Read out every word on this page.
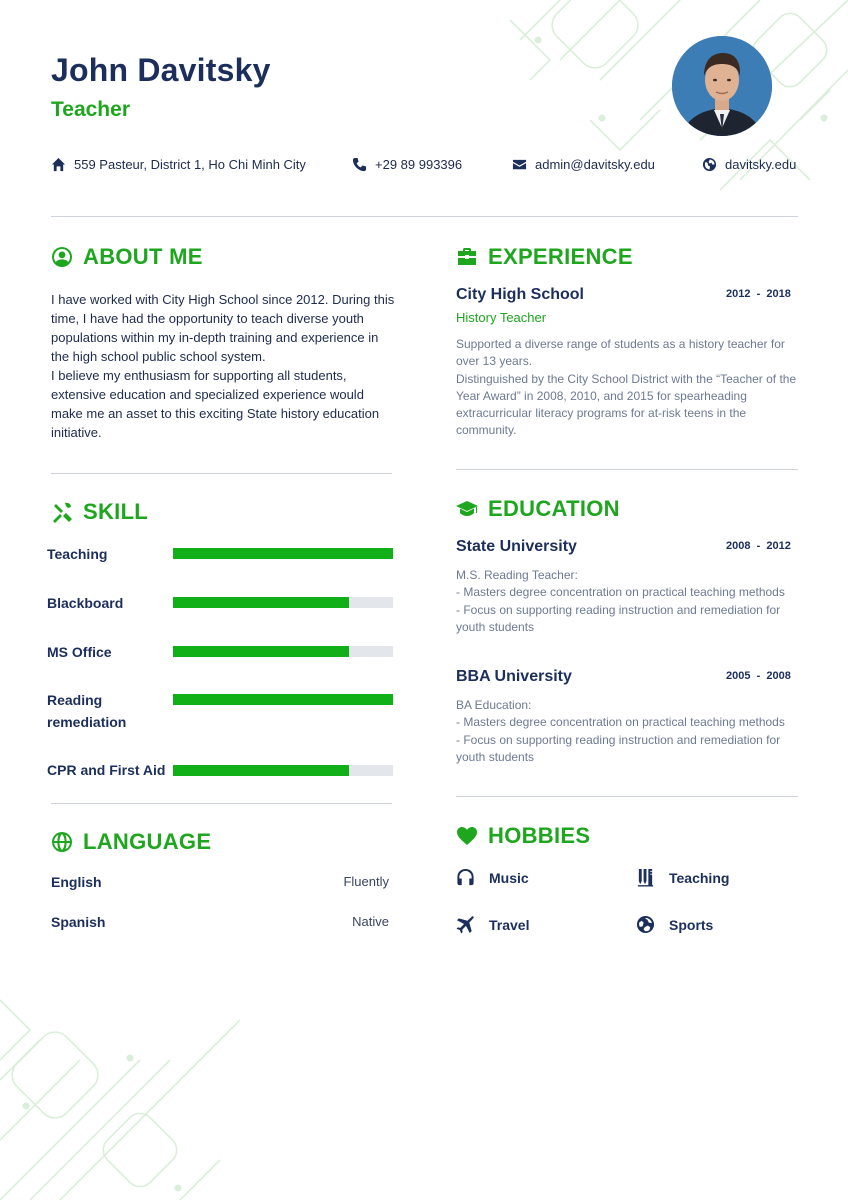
John Davitsky
Teacher
559 Pasteur, District 1, Ho Chi Minh City	+29 89 993396	admin@davitsky.edu	davitsky.edu
ABOUT ME
I have worked with City High School since 2012. During this
time, I have had the opportunity to teach diverse youth
populations within my in-depth training and experience in
the high school public school system.
I believe my enthusiasm for supporting all students,
extensive education and specialized experience would
make me an asset to this exciting State history education
initiative.
SKILL
Teaching
Blackboard
MS Office
Reading
remediation
CPR and First Aid
LANGUAGE
English	Fluently
Spanish	Native
EXPERIENCE
City High School	2012  -  2018
History Teacher
Supported a diverse range of students as a history teacher for
over 13 years.
Distinguished by the City School District with the “Teacher of the
Year Award” in 2008, 2010, and 2015 for spearheading
extracurricular literacy programs for at-risk teens in the
community.
EDUCATION
State University	2008  -  2012
M.S. Reading Teacher:
- Masters degree concentration on practical teaching methods
- Focus on supporting reading instruction and remediation for
youth students
BBA University	2005  -  2008
BA Education:
- Masters degree concentration on practical teaching methods
- Focus on supporting reading instruction and remediation for
youth students
HOBBIES
Music	Teaching
Travel	Sports
